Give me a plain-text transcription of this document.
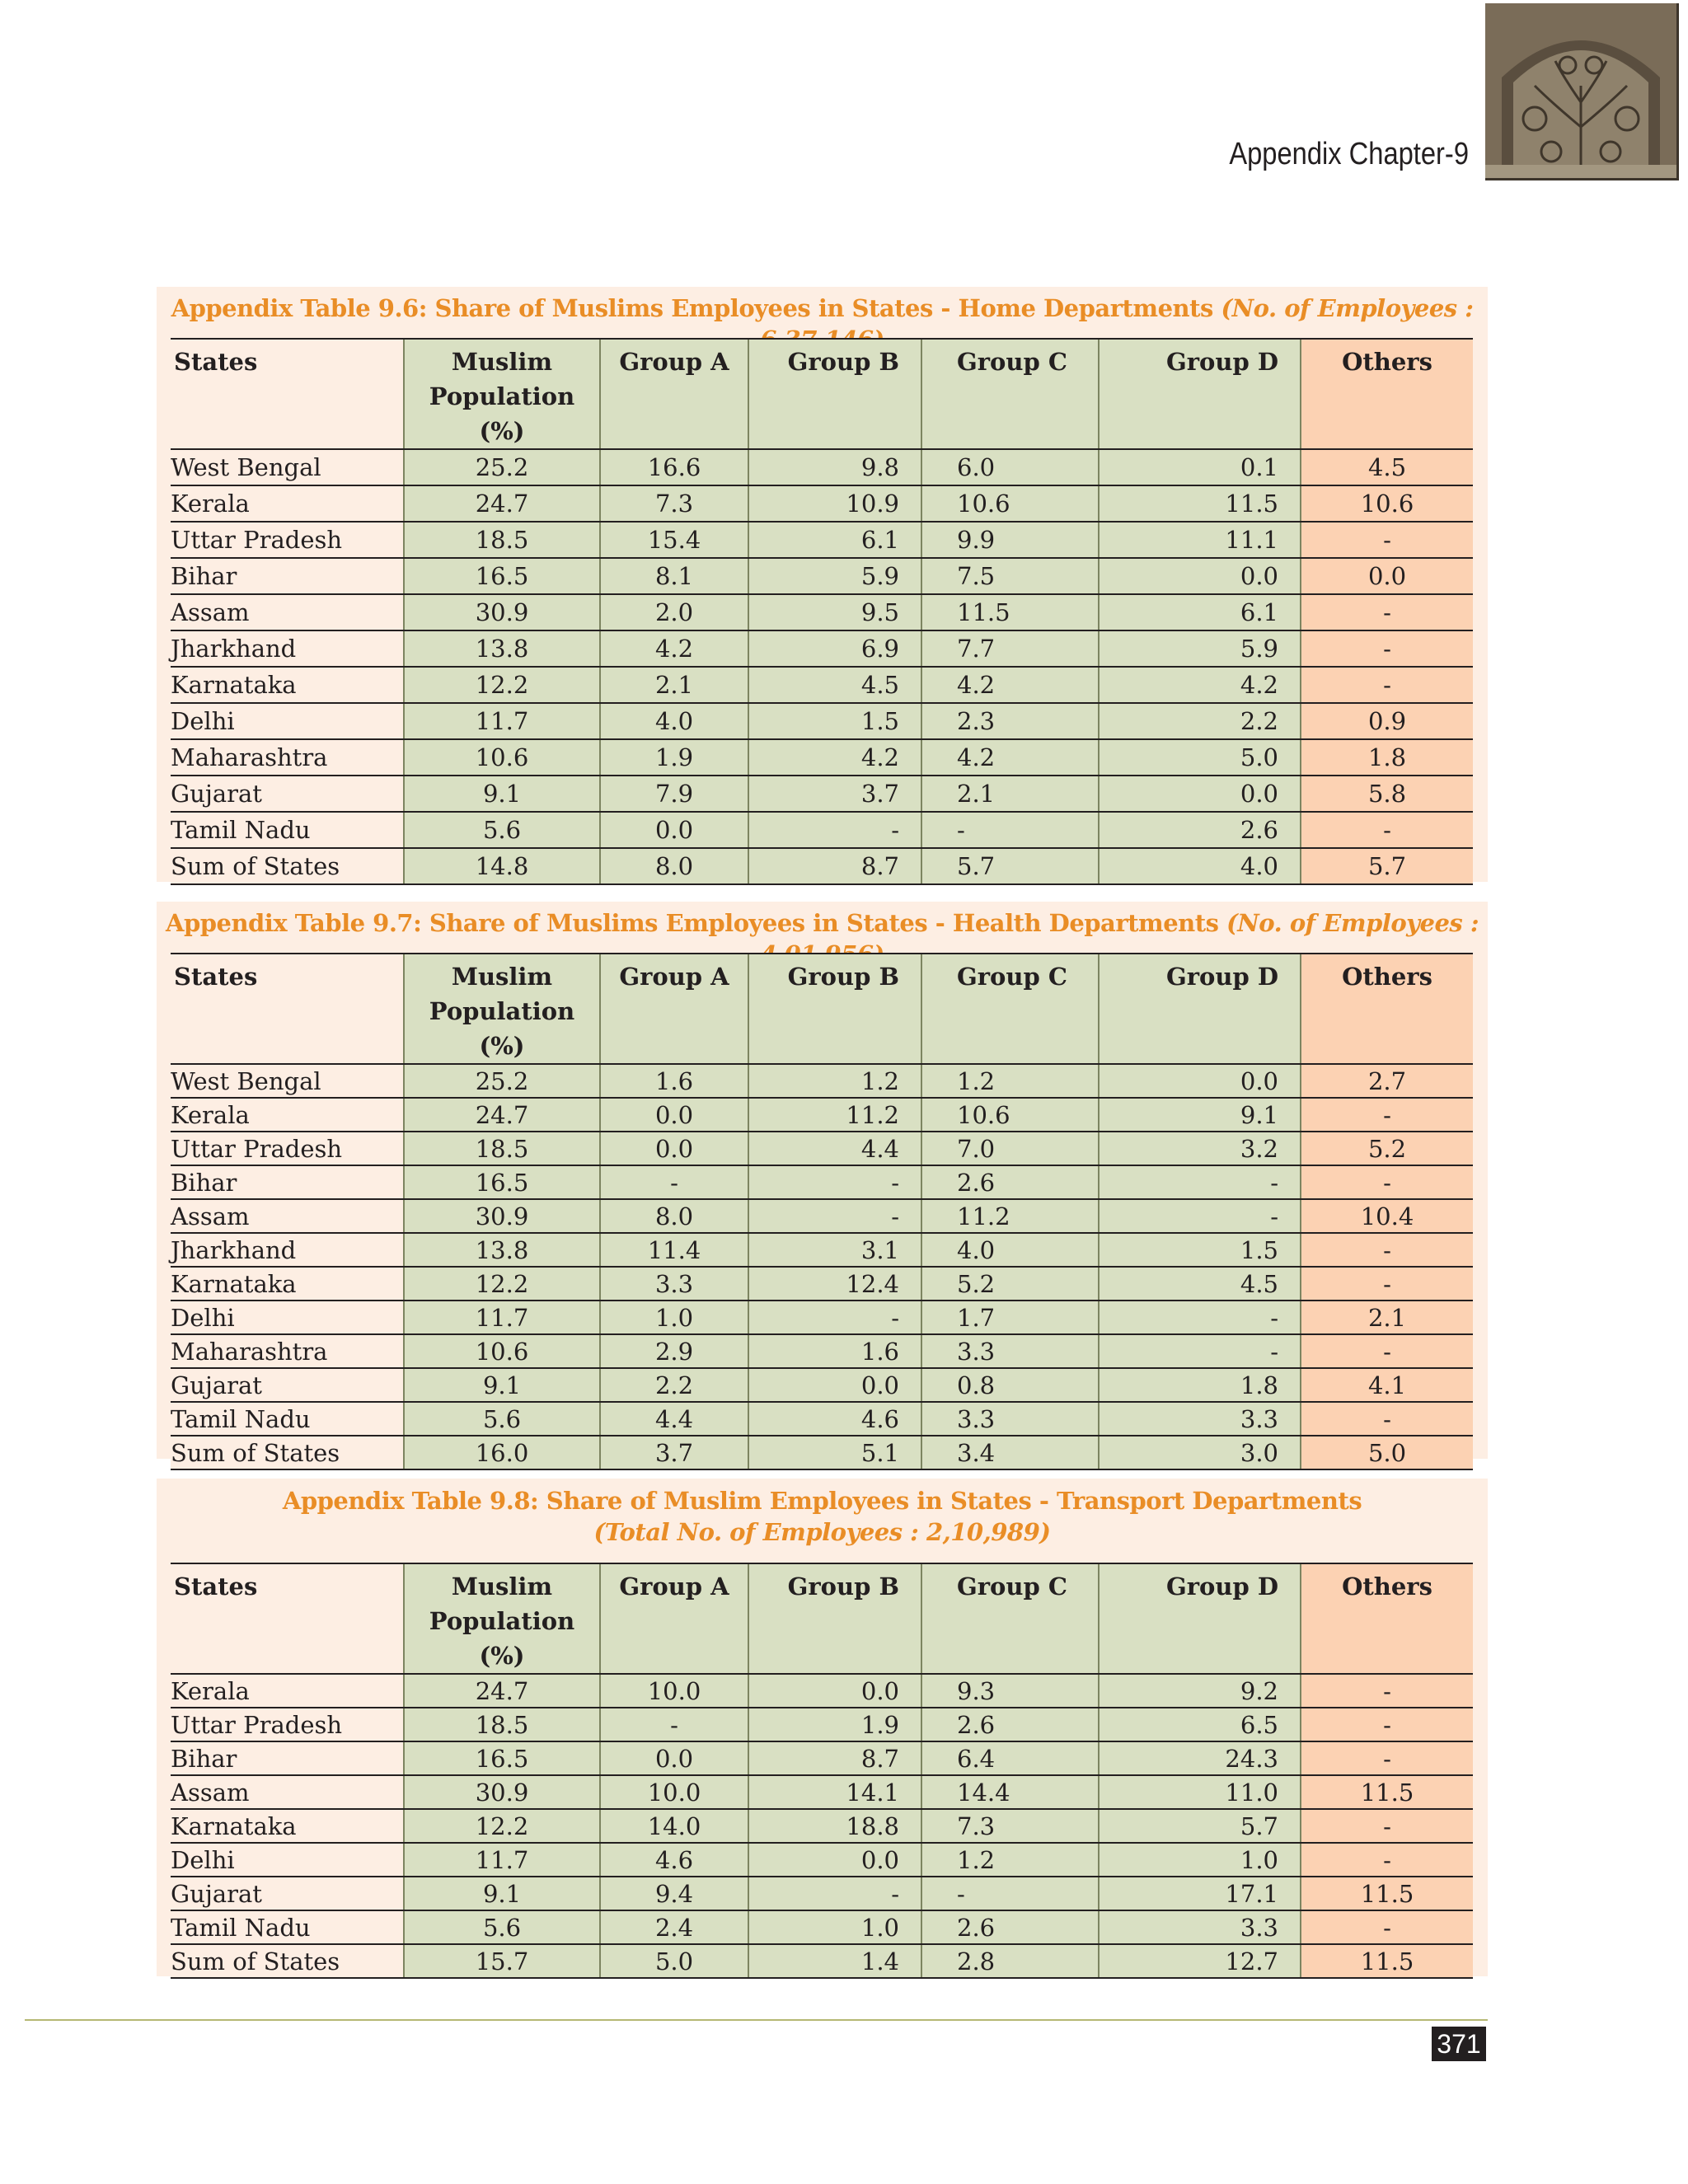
Appendix Chapter-9
Appendix Table 9.6: Share of Muslims Employees in States - Home Departments (No. of Employees :
States	Muslim Population (%)	Group A	Group B	Group C	Group D	Others
West Bengal	25.2	16.6	9.8	6.0	0.1	4.5
Kerala	24.7	7.3	10.9	10.6	11.5	10.6
Uttar Pradesh	18.5	15.4	6.1	9.9	11.1	-
Bihar	16.5	8.1	5.9	7.5	0.0	0.0
Assam	30.9	2.0	9.5	11.5	6.1	-
Jharkhand	13.8	4.2	6.9	7.7	5.9	-
Karnataka	12.2	2.1	4.5	4.2	4.2	-
Delhi	11.7	4.0	1.5	2.3	2.2	0.9
Maharashtra	10.6	1.9	4.2	4.2	5.0	1.8
Gujarat	9.1	7.9	3.7	2.1	0.0	5.8
Tamil Nadu	5.6	0.0	-	-	2.6	-
Sum of States	14.8	8.0	8.7	5.7	4.0	5.7
Appendix Table 9.7: Share of Muslims Employees in States - Health Departments (No. of Employees :
States	Muslim Population (%)	Group A	Group B	Group C	Group D	Others
West Bengal	25.2	1.6	1.2	1.2	0.0	2.7
Kerala	24.7	0.0	11.2	10.6	9.1	-
Uttar Pradesh	18.5	0.0	4.4	7.0	3.2	5.2
Bihar	16.5	-	-	2.6	-	-
Assam	30.9	8.0	-	11.2	-	10.4
Jharkhand	13.8	11.4	3.1	4.0	1.5	-
Karnataka	12.2	3.3	12.4	5.2	4.5	-
Delhi	11.7	1.0	-	1.7	-	2.1
Maharashtra	10.6	2.9	1.6	3.3	-	-
Gujarat	9.1	2.2	0.0	0.8	1.8	4.1
Tamil Nadu	5.6	4.4	4.6	3.3	3.3	-
Sum of States	16.0	3.7	5.1	3.4	3.0	5.0
Appendix Table 9.8: Share of Muslim Employees in States - Transport Departments
(Total No. of Employees : 2,10,989)
States	Muslim Population (%)	Group A	Group B	Group C	Group D	Others
Kerala	24.7	10.0	0.0	9.3	9.2	-
Uttar Pradesh	18.5	-	1.9	2.6	6.5	-
Bihar	16.5	0.0	8.7	6.4	24.3	-
Assam	30.9	10.0	14.1	14.4	11.0	11.5
Karnataka	12.2	14.0	18.8	7.3	5.7	-
Delhi	11.7	4.6	0.0	1.2	1.0	-
Gujarat	9.1	9.4	-	-	17.1	11.5
Tamil Nadu	5.6	2.4	1.0	2.6	3.3	-
Sum of States	15.7	5.0	1.4	2.8	12.7	11.5
371
